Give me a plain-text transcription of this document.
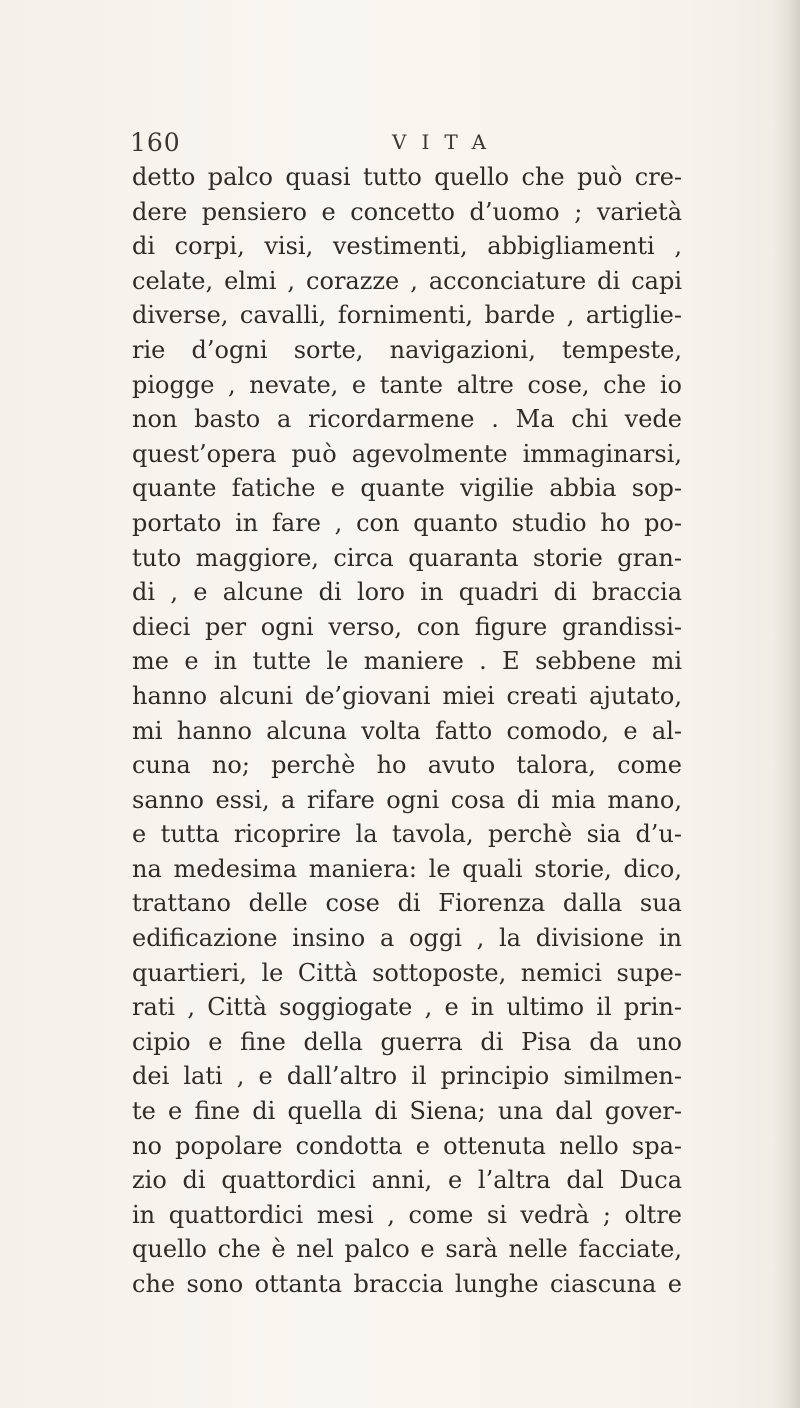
160	VITA
detto palco quasi tutto quello che può cre-
dere pensiero e concetto d’uomo ; varietà
di corpi, visi, vestimenti, abbigliamenti ,
celate, elmi , corazze , acconciature di capi
diverse, cavalli, fornimenti, barde , artiglie-
rie d’ogni sorte, navigazioni, tempeste,
piogge , nevate, e tante altre cose, che io
non basto a ricordarmene . Ma chi vede
quest’opera può agevolmente immaginarsi,
quante fatiche e quante vigilie abbia sop-
portato in fare , con quanto studio ho po-
tuto maggiore, circa quaranta storie gran-
di , e alcune di loro in quadri di braccia
dieci per ogni verso, con figure grandissi-
me e in tutte le maniere . E sebbene mi
hanno alcuni de’giovani miei creati ajutato,
mi hanno alcuna volta fatto comodo, e al-
cuna no; perchè ho avuto talora, come
sanno essi, a rifare ogni cosa di mia mano,
e tutta ricoprire la tavola, perchè sia d’u-
na medesima maniera: le quali storie, dico,
trattano delle cose di Fiorenza dalla sua
edificazione insino a oggi , la divisione in
quartieri, le Città sottoposte, nemici supe-
rati , Città soggiogate , e in ultimo il prin-
cipio e fine della guerra di Pisa da uno
dei lati , e dall’altro il principio similmen-
te e fine di quella di Siena; una dal gover-
no popolare condotta e ottenuta nello spa-
zio di quattordici anni, e l’altra dal Duca
in quattordici mesi , come si vedrà ; oltre
quello che è nel palco e sarà nelle facciate,
che sono ottanta braccia lunghe ciascuna e
